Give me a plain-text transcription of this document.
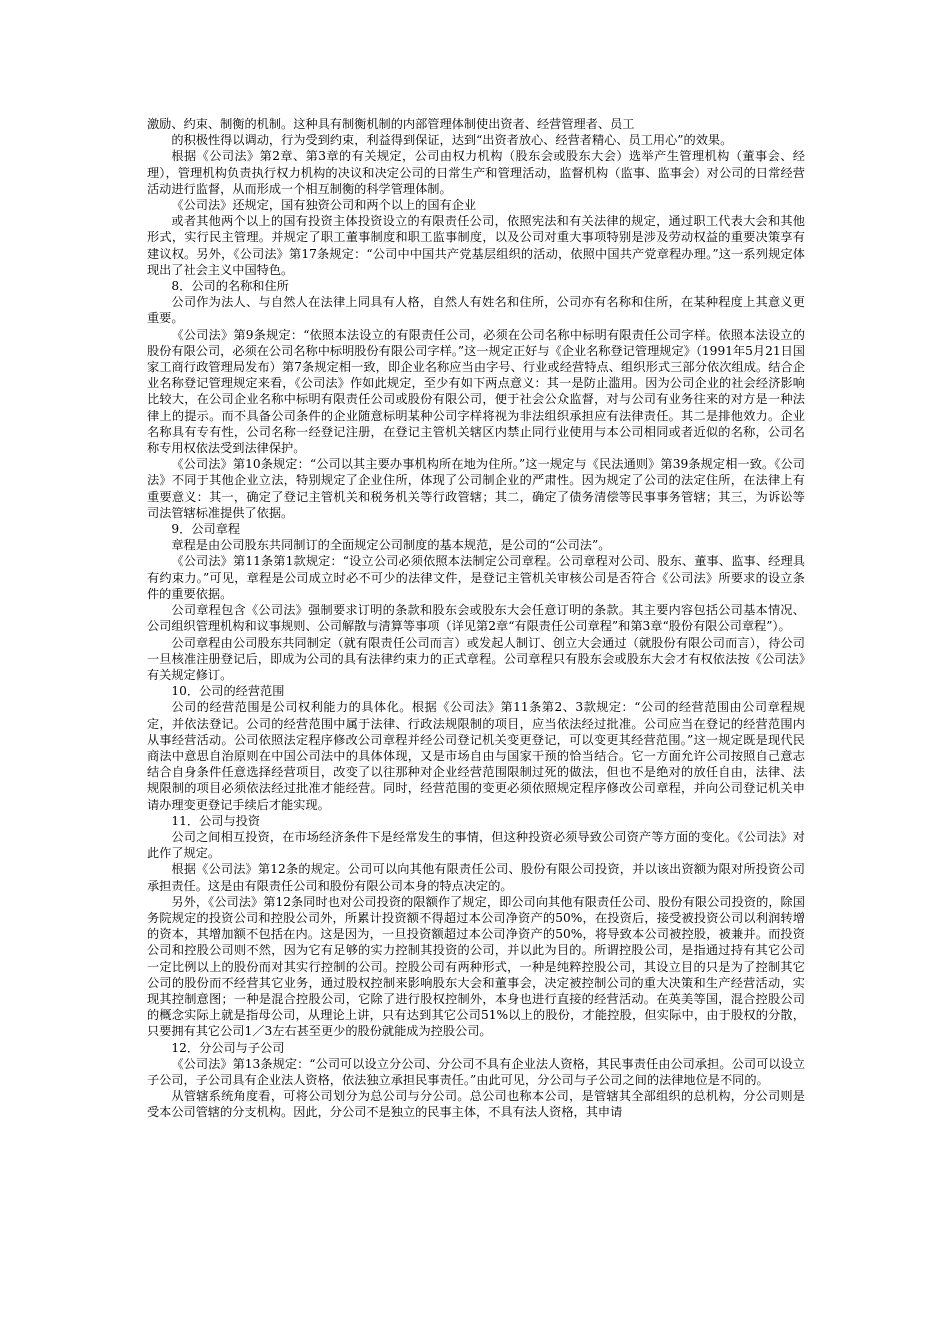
激励、约束、制衡的机制。这种具有制衡机制的内部管理体制使出资者、经营管理者、员工

的积极性得以调动，行为受到约束，利益得到保证，达到“出资者放心、经营者精心、员工用心”的效果。

根据《公司法》第2章、第3章的有关规定，公司由权力机构（股东会或股东大会）选举产生管理机构（董事会、经理），管理机构负责执行权力机构的决议和决定公司的日常生产和管理活动，监督机构（监事、监事会）对公司的日常经营活动进行监督，从而形成一个相互制衡的科学管理体制。

《公司法》还规定，国有独资公司和两个以上的国有企业

或者其他两个以上的国有投资主体投资设立的有限责任公司，依照宪法和有关法律的规定，通过职工代表大会和其他形式，实行民主管理。并规定了职工董事制度和职工监事制度，以及公司对重大事项特别是涉及劳动权益的重要决策享有建议权。另外，《公司法》第17条规定：“公司中中国共产党基层组织的活动，依照中国共产党章程办理。”这一系列规定体现出了社会主义中国特色。

8．公司的名称和住所

公司作为法人、与自然人在法律上同具有人格，自然人有姓名和住所，公司亦有名称和住所，在某种程度上其意义更重要。

《公司法》第9条规定：“依照本法设立的有限责任公司，必须在公司名称中标明有限责任公司字样。依照本法设立的股份有限公司，必须在公司名称中标明股份有限公司字样。”这一规定正好与《企业名称登记管理规定》（1991年5月21日国家工商行政管理局发布）第7条规定相一致，即企业名称应当由字号、行业或经营特点、组织形式三部分依次组成。结合企业名称登记管理规定来看，《公司法》作如此规定，至少有如下两点意义：其一是防止滥用。因为公司企业的社会经济影响比较大，在公司企业名称中标明有限责任公司或股份有限公司，便于社会公众监督，对与公司有业务往来的对方是一种法律上的提示。而不具备公司条件的企业随意标明某种公司字样将视为非法组织承担应有法律责任。其二是排他效力。企业名称具有专有性，公司名称一经登记注册，在登记主管机关辖区内禁止同行业使用与本公司相同或者近似的名称，公司名称专用权依法受到法律保护。

《公司法》第10条规定：“公司以其主要办事机构所在地为住所。”这一规定与《民法通则》第39条规定相一致。《公司法》不同于其他企业立法，特别规定了企业住所，体现了公司制企业的严肃性。因为规定了公司的法定住所，在法律上有重要意义：其一，确定了登记主管机关和税务机关等行政管辖；其二，确定了债务清偿等民事事务管辖；其三，为诉讼等司法管辖标准提供了依据。

9．公司章程

章程是由公司股东共同制订的全面规定公司制度的基本规范，是公司的“公司法”。

《公司法》第11条第1款规定：“设立公司必须依照本法制定公司章程。公司章程对公司、股东、董事、监事、经理具有约束力。”可见，章程是公司成立时必不可少的法律文件，是登记主管机关审核公司是否符合《公司法》所要求的设立条件的重要依据。

公司章程包含《公司法》强制要求订明的条款和股东会或股东大会任意订明的条款。其主要内容包括公司基本情况、公司组织管理机构和议事规则、公司解散与清算等事项（详见第2章“有限责任公司章程”和第3章“股份有限公司章程”）。

公司章程由公司股东共同制定（就有限责任公司而言）或发起人制订、创立大会通过（就股份有限公司而言），待公司一旦核准注册登记后，即成为公司的具有法律约束力的正式章程。公司章程只有股东会或股东大会才有权依法按《公司法》有关规定修订。

10．公司的经营范围

公司的经营范围是公司权利能力的具体化。根据《公司法》第11条第2、3款规定：“公司的经营范围由公司章程规定，并依法登记。公司的经营范围中属于法律、行政法规限制的项目，应当依法经过批准。公司应当在登记的经营范围内从事经营活动。公司依照法定程序修改公司章程并经公司登记机关变更登记，可以变更其经营范围。”这一规定既是现代民商法中意思自治原则在中国公司法中的具体体现，又是市场自由与国家干预的恰当结合。它一方面允许公司按照自己意志结合自身条件任意选择经营项目，改变了以往那种对企业经营范围限制过死的做法，但也不是绝对的放任自由，法律、法规限制的项目必须依法经过批准才能经营。同时，经营范围的变更必须依照规定程序修改公司章程，并向公司登记机关申请办理变更登记手续后才能实现。

11．公司与投资

公司之间相互投资，在市场经济条件下是经常发生的事情，但这种投资必须导致公司资产等方面的变化。《公司法》对此作了规定。

根据《公司法》第12条的规定。公司可以向其他有限责任公司、股份有限公司投资，并以该出资额为限对所投资公司承担责任。这是由有限责任公司和股份有限公司本身的特点决定的。

另外，《公司法》第12条同时也对公司投资的限额作了规定，即公司向其他有限责任公司、股份有限公司投资的，除国务院规定的投资公司和控股公司外，所累计投资额不得超过本公司净资产的50%，在投资后，接受被投资公司以利润转增的资本，其增加额不包括在内。这是因为，一旦投资额超过本公司净资产的50%，将导致本公司被控股，被兼并。而投资公司和控股公司则不然，因为它有足够的实力控制其投资的公司，并以此为目的。所谓控股公司，是指通过持有其它公司一定比例以上的股份而对其实行控制的公司。控股公司有两种形式，一种是纯粹控股公司，其设立目的只是为了控制其它公司的股份而不经营其它业务，通过股权控制来影响股东大会和董事会，决定被控制公司的重大决策和生产经营活动，实现其控制意图；一种是混合控股公司，它除了进行股权控制外，本身也进行直接的经营活动。在英美等国，混合控股公司的概念实际上就是指母公司，从理论上讲，只有达到其它公司51%以上的股份，才能控股，但实际中，由于股权的分散，只要拥有其它公司1／3左右甚至更少的股份就能成为控股公司。

12．分公司与子公司

《公司法》第13条规定：“公司可以设立分公司、分公司不具有企业法人资格，其民事责任由公司承担。公司可以设立子公司，子公司具有企业法人资格，依法独立承担民事责任。”由此可见，分公司与子公司之间的法律地位是不同的。

从管辖系统角度看，可将公司划分为总公司与分公司。总公司也称本公司，是管辖其全部组织的总机构，分公司则是受本公司管辖的分支机构。因此，分公司不是独立的民事主体，不具有法人资格，其申请
